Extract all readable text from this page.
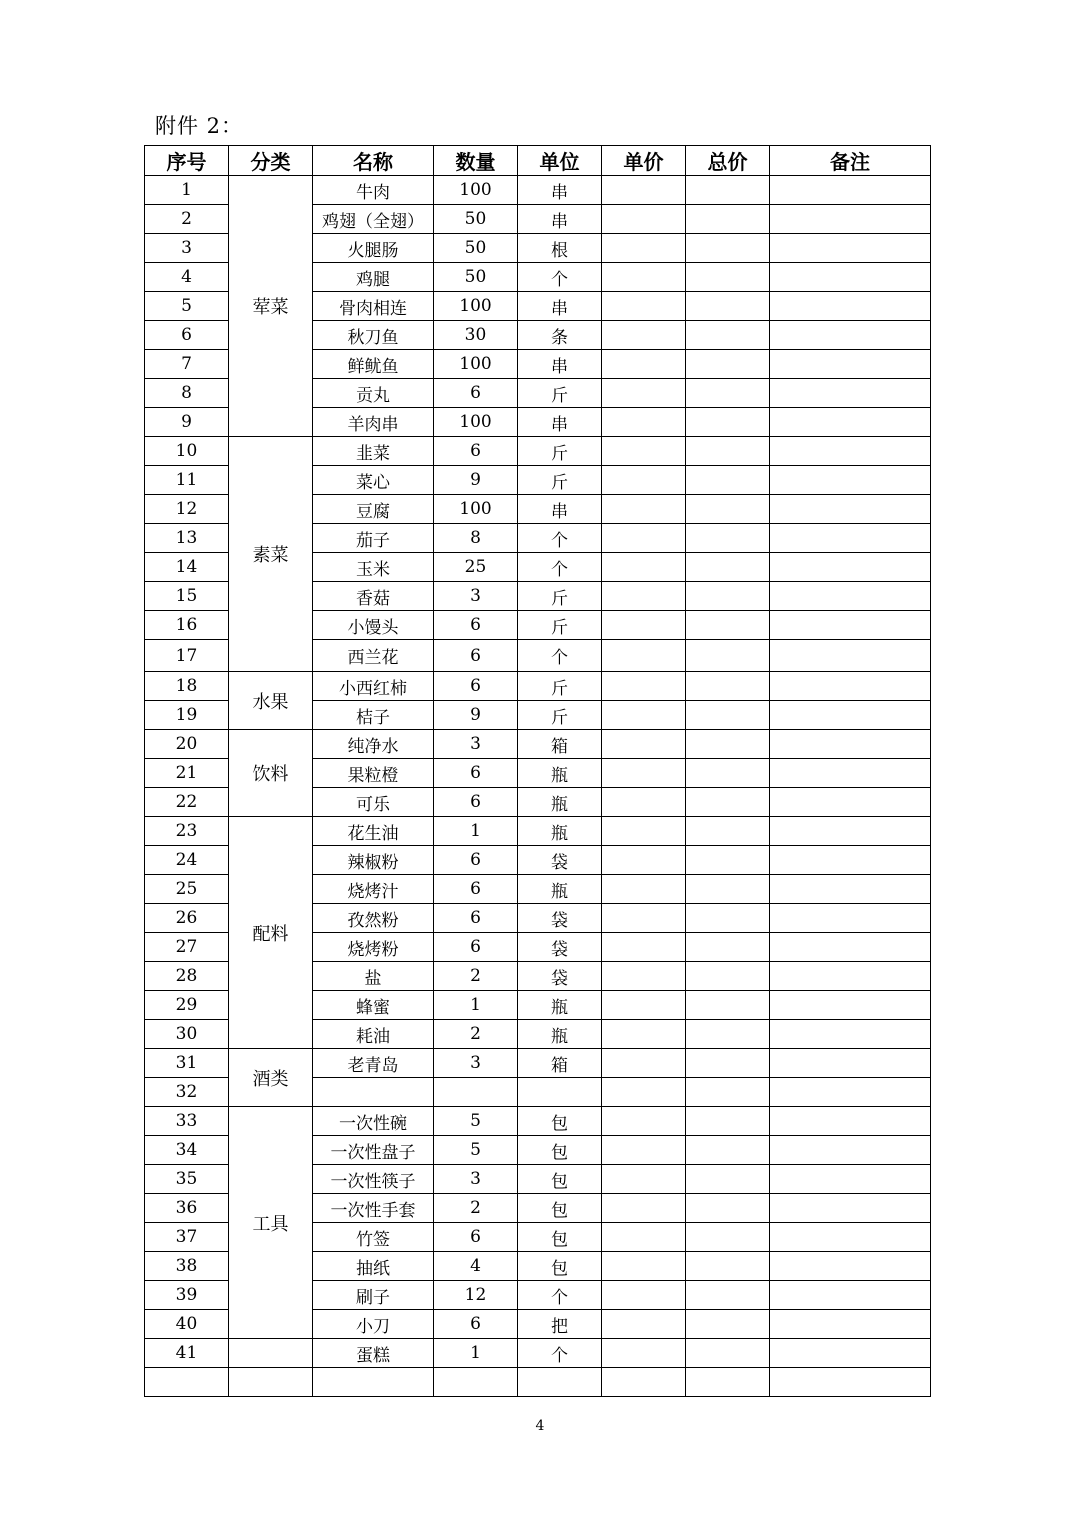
附件 2：
序号	分类	名称	数量	单位	单价	总价	备注
1	荤菜	牛肉	100	串			
2		鸡翅（全翅）	50	串			
3		火腿肠	50	根			
4		鸡腿	50	个			
5		骨肉相连	100	串			
6		秋刀鱼	30	条			
7		鲜鱿鱼	100	串			
8		贡丸	6	斤			
9		羊肉串	100	串			
10	素菜	韭菜	6	斤			
11		菜心	9	斤			
12		豆腐	100	串			
13		茄子	8	个			
14		玉米	25	个			
15		香菇	3	斤			
16		小馒头	6	斤			
17		西兰花	6	个			
18	水果	小西红柿	6	斤			
19		桔子	9	斤			
20	饮料	纯净水	3	箱			
21		果粒橙	6	瓶			
22		可乐	6	瓶			
23	配料	花生油	1	瓶			
24		辣椒粉	6	袋			
25		烧烤汁	6	瓶			
26		孜然粉	6	袋			
27		烧烤粉	6	袋			
28		盐	2	袋			
29		蜂蜜	1	瓶			
30		耗油	2	瓶			
31	酒类	老青岛	3	箱			
32							
33	工具	一次性碗	5	包			
34		一次性盘子	5	包			
35		一次性筷子	3	包			
36		一次性手套	2	包			
37		竹签	6	包			
38		抽纸	4	包			
39		刷子	12	个			
40		小刀	6	把			
41		蛋糕	1	个			

4
